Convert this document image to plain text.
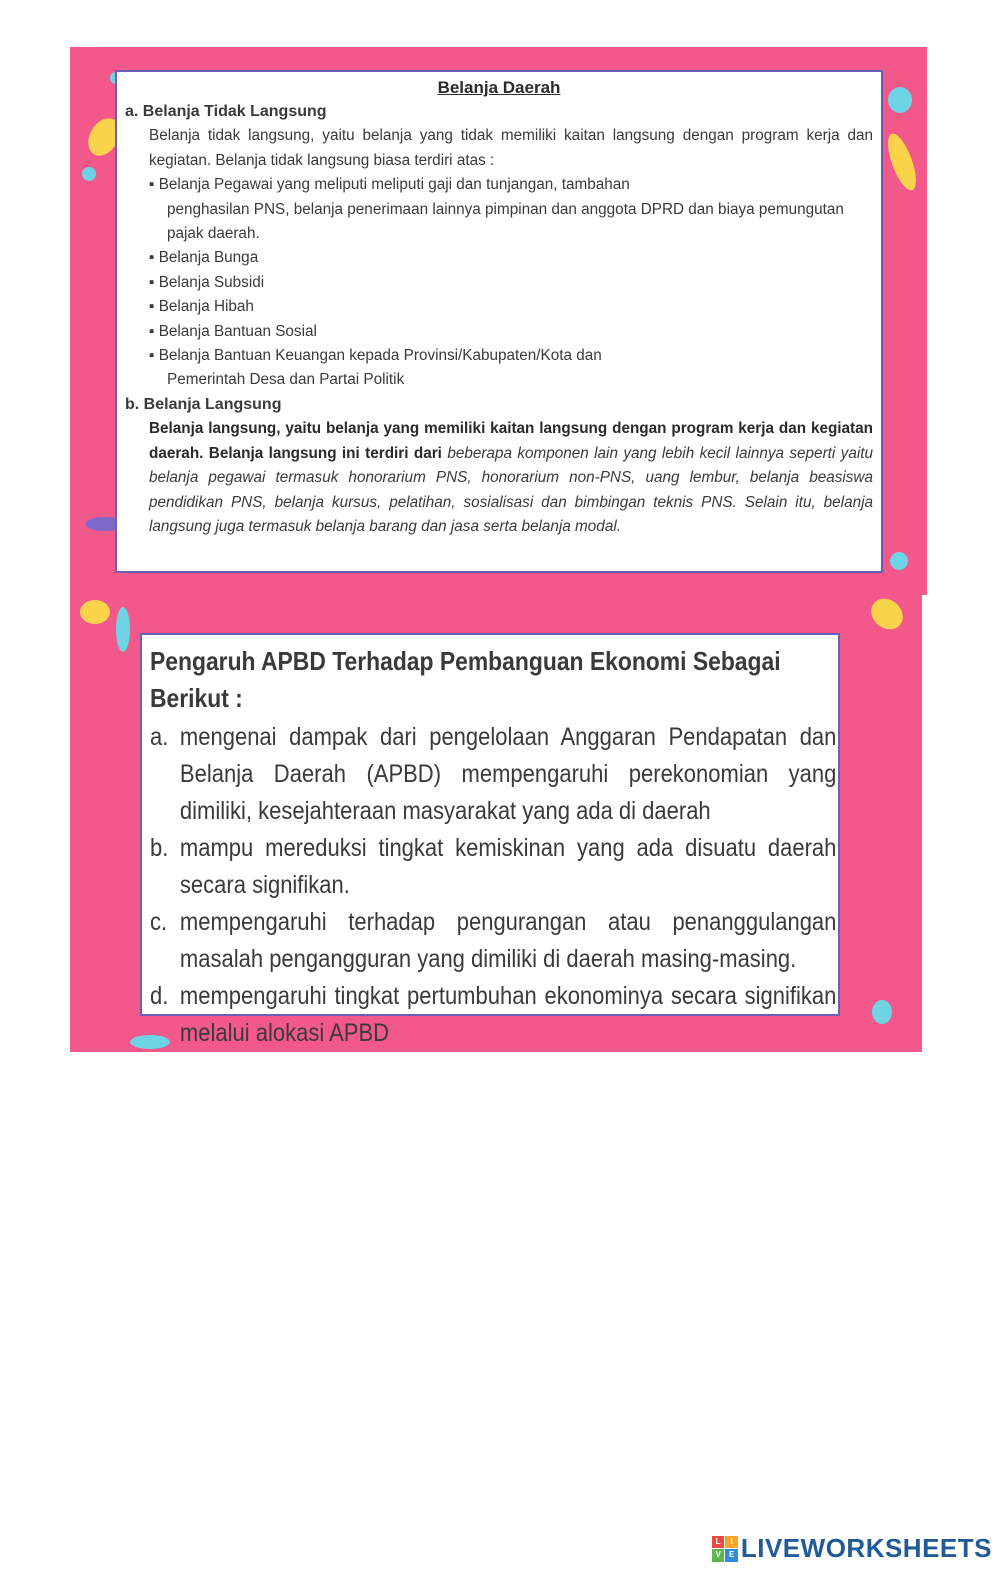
Belanja Daerah
a. Belanja Tidak Langsung
Belanja tidak langsung, yaitu belanja yang tidak memiliki kaitan langsung dengan program kerja dan kegiatan. Belanja tidak langsung biasa terdiri atas :
▪ Belanja Pegawai yang meliputi meliputi gaji dan tunjangan, tambahan
penghasilan PNS, belanja penerimaan lainnya pimpinan dan anggota DPRD dan biaya pemungutan pajak daerah.
▪ Belanja Bunga
▪ Belanja Subsidi
▪ Belanja Hibah
▪ Belanja Bantuan Sosial
▪ Belanja Bantuan Keuangan kepada Provinsi/Kabupaten/Kota dan
Pemerintah Desa dan Partai Politik
b. Belanja Langsung
Belanja langsung, yaitu belanja yang memiliki kaitan langsung dengan program kerja dan kegiatan daerah. Belanja langsung ini terdiri dari beberapa komponen lain yang lebih kecil lainnya seperti yaitu belanja pegawai termasuk honorarium PNS, honorarium non-PNS, uang lembur, belanja beasiswa pendidikan PNS, belanja kursus, pelatihan, sosialisasi dan bimbingan teknis PNS. Selain itu, belanja langsung juga termasuk belanja barang dan jasa serta belanja modal.
Pengaruh APBD Terhadap Pembanguan Ekonomi Sebagai Berikut :
a. mengenai dampak dari pengelolaan Anggaran Pendapatan dan Belanja Daerah (APBD) mempengaruhi perekonomian yang dimiliki, kesejahteraan masyarakat yang ada di daerah
b. mampu mereduksi tingkat kemiskinan yang ada disuatu daerah secara signifikan.
c. mempengaruhi terhadap pengurangan atau penanggulangan masalah pengangguran yang dimiliki di daerah masing-masing.
d. mempengaruhi tingkat pertumbuhan ekonominya secara signifikan melalui alokasi APBD
L	I
V	E LIVEWORKSHEETS
